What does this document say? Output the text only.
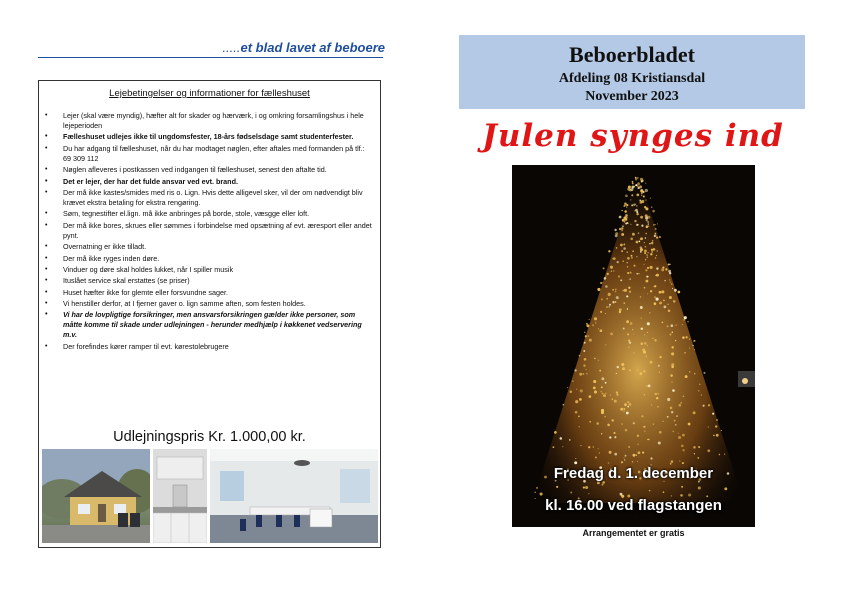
.....et blad lavet af beboere
Lejebetingelser og informationer for fælleshuset
• Lejer (skal være myndig), hæfter alt for skader og hærværk, i og omkring forsamlingshus i hele lejeperioden
• Fælleshuset udlejes ikke til ungdomsfester, 18-års fødselsdage samt studenterfester.
• Du har adgang til fælleshuset, når du har modtaget nøglen, efter aftales med formanden på tlf.: 69 309 112
• Nøglen afleveres i postkassen ved indgangen til fælleshuset, senest den aftalte tid.
• Det er lejer, der har det fulde ansvar ved evt. brand.
• Der må ikke kastes/smides med ris o. Lign. Hvis dette alligevel sker, vil der om nødvendigt bliv krævet ekstra betaling for ekstra rengøring.
• Søm, tegnestifter el.lign. må ikke anbringes på borde, stole, væsgge eller loft.
• Der må ikke bores, skrues eller sømmes i forbindelse med opsætning af evt. æresport eller andet pynt.
• Overnatning er ikke tilladt.
• Der må ikke ryges inden døre.
• Vinduer og døre skal holdes lukket, når I spiller musik
• Ituslået service skal erstattes (se priser)
• Huset hæfter ikke for glemte eller forsvundne sager.
• Vi henstiller derfor, at I fjerner gaver o. lign samme aften, som festen holdes.
• Vi har de lovpligtige forsikringer, men ansvarsforsikringen gælder ikke personer, som måtte komme til skade under udlejningen - herunder medhjælp i køkkenet vedservering m.v.
• Der forefindes kører ramper til evt. kørestolebrugere
Udlejningspris Kr. 1.000,00 kr.
Beboerbladet
Afdeling 08 Kristiansdal
November 2023
Julen synges ind
Fredag d. 1. december
kl. 16.00 ved flagstangen
Arrangementet er gratis
